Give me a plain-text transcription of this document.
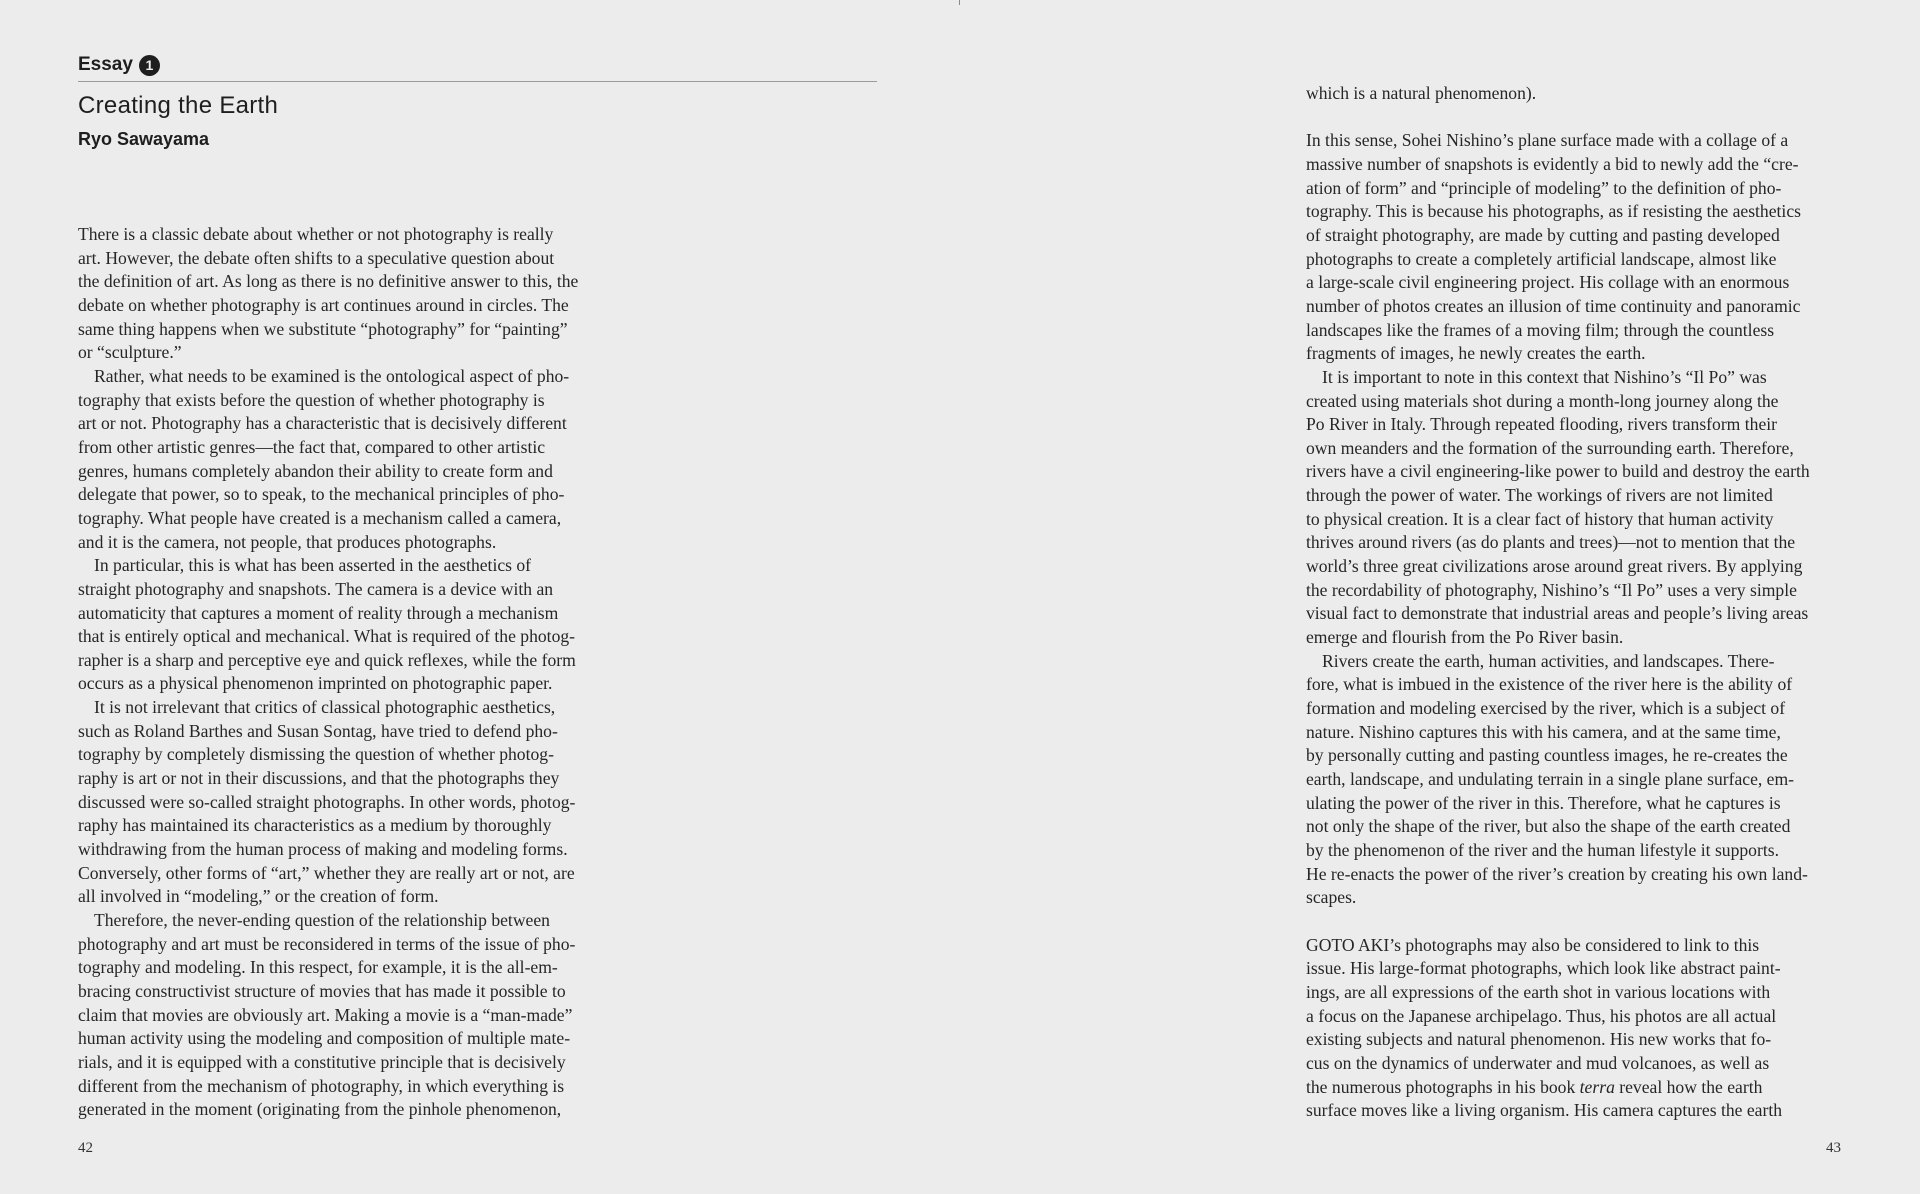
Essay 1
Creating the Earth
Ryo Sawayama
There is a classic debate about whether or not photography is really
art. However, the debate often shifts to a speculative question about
the definition of art. As long as there is no definitive answer to this, the
debate on whether photography is art continues around in circles. The
same thing happens when we substitute “photography” for “painting”
or “sculpture.”
Rather, what needs to be examined is the ontological aspect of pho-
tography that exists before the question of whether photography is
art or not. Photography has a characteristic that is decisively different
from other artistic genres—the fact that, compared to other artistic
genres, humans completely abandon their ability to create form and
delegate that power, so to speak, to the mechanical principles of pho-
tography. What people have created is a mechanism called a camera,
and it is the camera, not people, that produces photographs.
In particular, this is what has been asserted in the aesthetics of
straight photography and snapshots. The camera is a device with an
automaticity that captures a moment of reality through a mechanism
that is entirely optical and mechanical. What is required of the photog-
rapher is a sharp and perceptive eye and quick reflexes, while the form
occurs as a physical phenomenon imprinted on photographic paper.
It is not irrelevant that critics of classical photographic aesthetics,
such as Roland Barthes and Susan Sontag, have tried to defend pho-
tography by completely dismissing the question of whether photog-
raphy is art or not in their discussions, and that the photographs they
discussed were so-called straight photographs. In other words, photog-
raphy has maintained its characteristics as a medium by thoroughly
withdrawing from the human process of making and modeling forms.
Conversely, other forms of “art,” whether they are really art or not, are
all involved in “modeling,” or the creation of form.
Therefore, the never-ending question of the relationship between
photography and art must be reconsidered in terms of the issue of pho-
tography and modeling. In this respect, for example, it is the all-em-
bracing constructivist structure of movies that has made it possible to
claim that movies are obviously art. Making a movie is a “man-made”
human activity using the modeling and composition of multiple mate-
rials, and it is equipped with a constitutive principle that is decisively
different from the mechanism of photography, in which everything is
generated in the moment (originating from the pinhole phenomenon,
42
which is a natural phenomenon).
In this sense, Sohei Nishino’s plane surface made with a collage of a
massive number of snapshots is evidently a bid to newly add the “cre-
ation of form” and “principle of modeling” to the definition of pho-
tography. This is because his photographs, as if resisting the aesthetics
of straight photography, are made by cutting and pasting developed
photographs to create a completely artificial landscape, almost like
a large-scale civil engineering project. His collage with an enormous
number of photos creates an illusion of time continuity and panoramic
landscapes like the frames of a moving film; through the countless
fragments of images, he newly creates the earth.
It is important to note in this context that Nishino’s “Il Po” was
created using materials shot during a month-long journey along the
Po River in Italy. Through repeated flooding, rivers transform their
own meanders and the formation of the surrounding earth. Therefore,
rivers have a civil engineering-like power to build and destroy the earth
through the power of water. The workings of rivers are not limited
to physical creation. It is a clear fact of history that human activity
thrives around rivers (as do plants and trees)—not to mention that the
world’s three great civilizations arose around great rivers. By applying
the recordability of photography, Nishino’s “Il Po” uses a very simple
visual fact to demonstrate that industrial areas and people’s living areas
emerge and flourish from the Po River basin.
Rivers create the earth, human activities, and landscapes. There-
fore, what is imbued in the existence of the river here is the ability of
formation and modeling exercised by the river, which is a subject of
nature. Nishino captures this with his camera, and at the same time,
by personally cutting and pasting countless images, he re-creates the
earth, landscape, and undulating terrain in a single plane surface, em-
ulating the power of the river in this. Therefore, what he captures is
not only the shape of the river, but also the shape of the earth created
by the phenomenon of the river and the human lifestyle it supports.
He re-enacts the power of the river’s creation by creating his own land-
scapes.
GOTO AKI’s photographs may also be considered to link to this
issue. His large-format photographs, which look like abstract paint-
ings, are all expressions of the earth shot in various locations with
a focus on the Japanese archipelago. Thus, his photos are all actual
existing subjects and natural phenomenon. His new works that fo-
cus on the dynamics of underwater and mud volcanoes, as well as
the numerous photographs in his book terra reveal how the earth
surface moves like a living organism. His camera captures the earth
43
